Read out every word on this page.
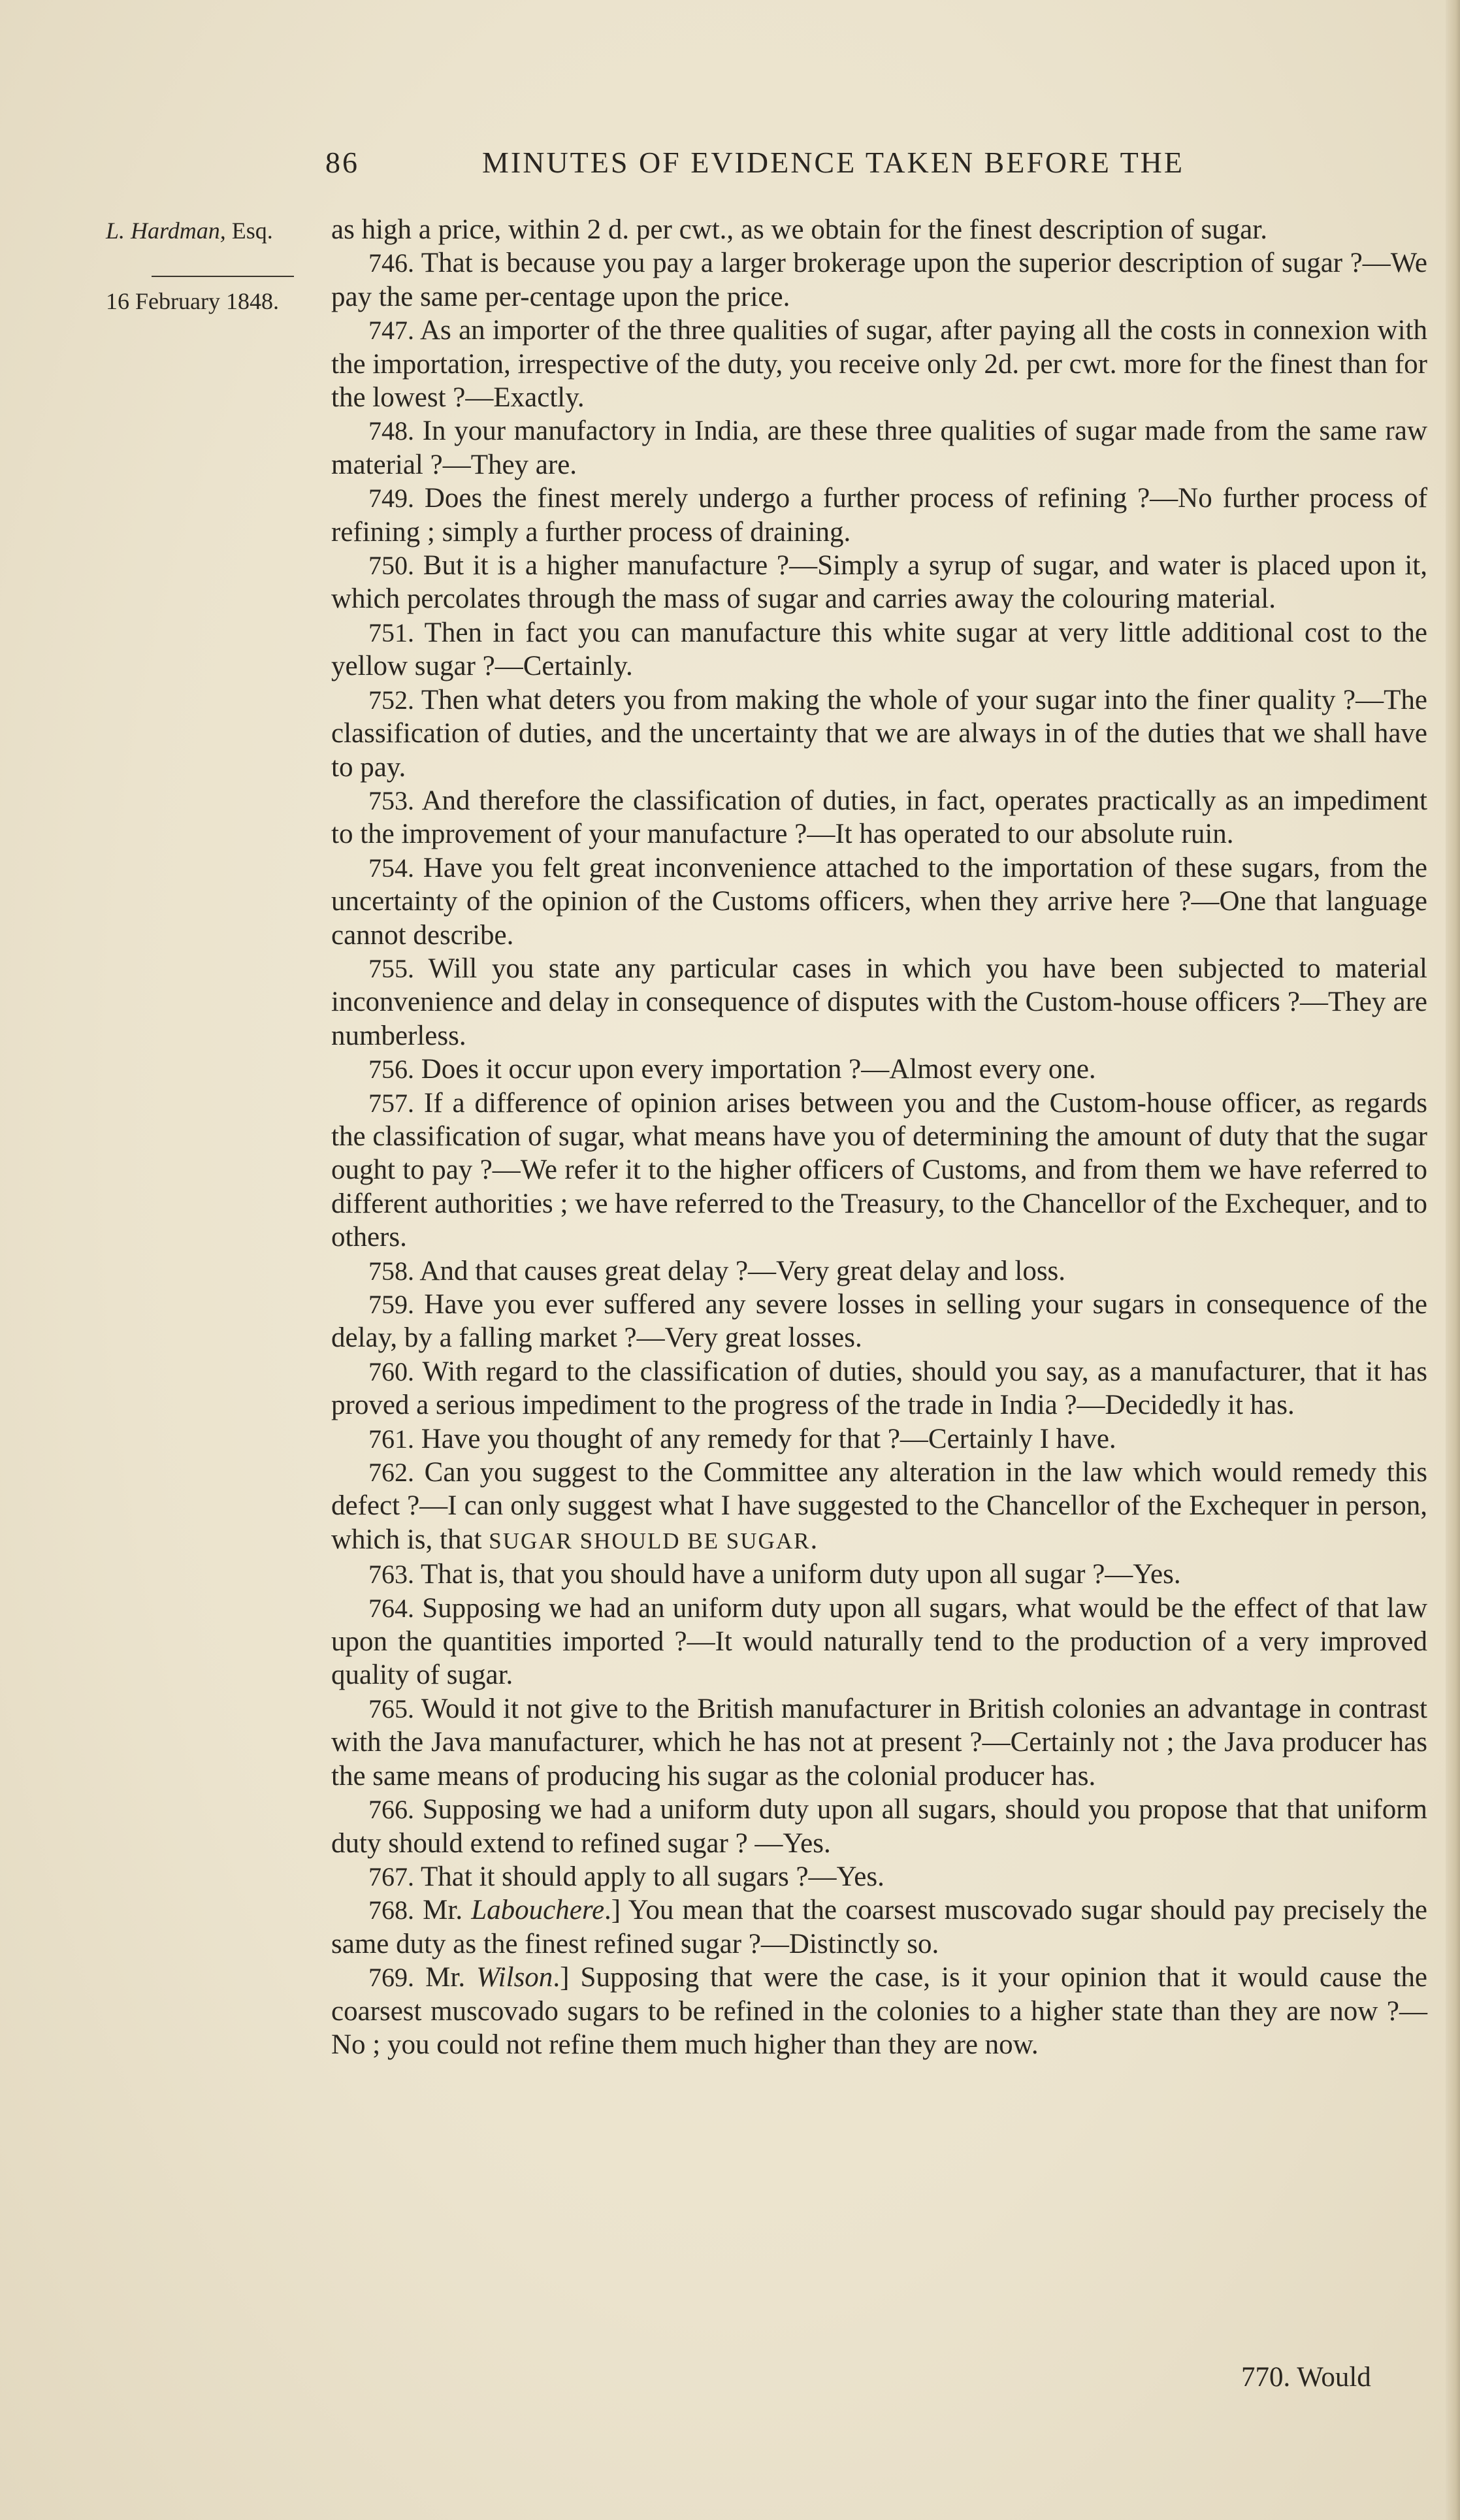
86	MINUTES OF EVIDENCE TAKEN BEFORE THE
L. Hardman, Esq.
16 February 1848.

as high a price, within 2 d. per cwt., as we obtain for the finest description of sugar.

746. That is because you pay a larger brokerage upon the superior description of sugar ?—We pay the same per-centage upon the price.

747. As an importer of the three qualities of sugar, after paying all the costs in connexion with the importation, irrespective of the duty, you receive only 2d. per cwt. more for the finest than for the lowest ?—Exactly.

748. In your manufactory in India, are these three qualities of sugar made from the same raw material ?—They are.

749. Does the finest merely undergo a further process of refining ?—No further process of refining ; simply a further process of draining.

750. But it is a higher manufacture ?—Simply a syrup of sugar, and water is placed upon it, which percolates through the mass of sugar and carries away the colouring material.

751. Then in fact you can manufacture this white sugar at very little additional cost to the yellow sugar ?—Certainly.

752. Then what deters you from making the whole of your sugar into the finer quality ?—The classification of duties, and the uncertainty that we are always in of the duties that we shall have to pay.

753. And therefore the classification of duties, in fact, operates practically as an impediment to the improvement of your manufacture ?—It has operated to our absolute ruin.

754. Have you felt great inconvenience attached to the importation of these sugars, from the uncertainty of the opinion of the Customs officers, when they arrive here ?—One that language cannot describe.

755. Will you state any particular cases in which you have been subjected to material inconvenience and delay in consequence of disputes with the Custom-house officers ?—They are numberless.

756. Does it occur upon every importation ?—Almost every one.

757. If a difference of opinion arises between you and the Custom-house officer, as regards the classification of sugar, what means have you of determining the amount of duty that the sugar ought to pay ?—We refer it to the higher officers of Customs, and from them we have referred to different authorities ; we have referred to the Treasury, to the Chancellor of the Exchequer, and to others.

758. And that causes great delay ?—Very great delay and loss.

759. Have you ever suffered any severe losses in selling your sugars in consequence of the delay, by a falling market ?—Very great losses.

760. With regard to the classification of duties, should you say, as a manufacturer, that it has proved a serious impediment to the progress of the trade in India ?—Decidedly it has.

761. Have you thought of any remedy for that ?—Certainly I have.

762. Can you suggest to the Committee any alteration in the law which would remedy this defect ?—I can only suggest what I have suggested to the Chancellor of the Exchequer in person, which is, that SUGAR SHOULD BE SUGAR.

763. That is, that you should have a uniform duty upon all sugar ?—Yes.

764. Supposing we had an uniform duty upon all sugars, what would be the effect of that law upon the quantities imported ?—It would naturally tend to the production of a very improved quality of sugar.

765. Would it not give to the British manufacturer in British colonies an advantage in contrast with the Java manufacturer, which he has not at present ?—Certainly not ; the Java producer has the same means of producing his sugar as the colonial producer has.

766. Supposing we had a uniform duty upon all sugars, should you propose that that uniform duty should extend to refined sugar ? —Yes.

767. That it should apply to all sugars ?—Yes.

768. Mr. Labouchere.] You mean that the coarsest muscovado sugar should pay precisely the same duty as the finest refined sugar ?—Distinctly so.

769. Mr. Wilson.] Supposing that were the case, is it your opinion that it would cause the coarsest muscovado sugars to be refined in the colonies to a higher state than they are now ?—No ; you could not refine them much higher than they are now.

770. Would
